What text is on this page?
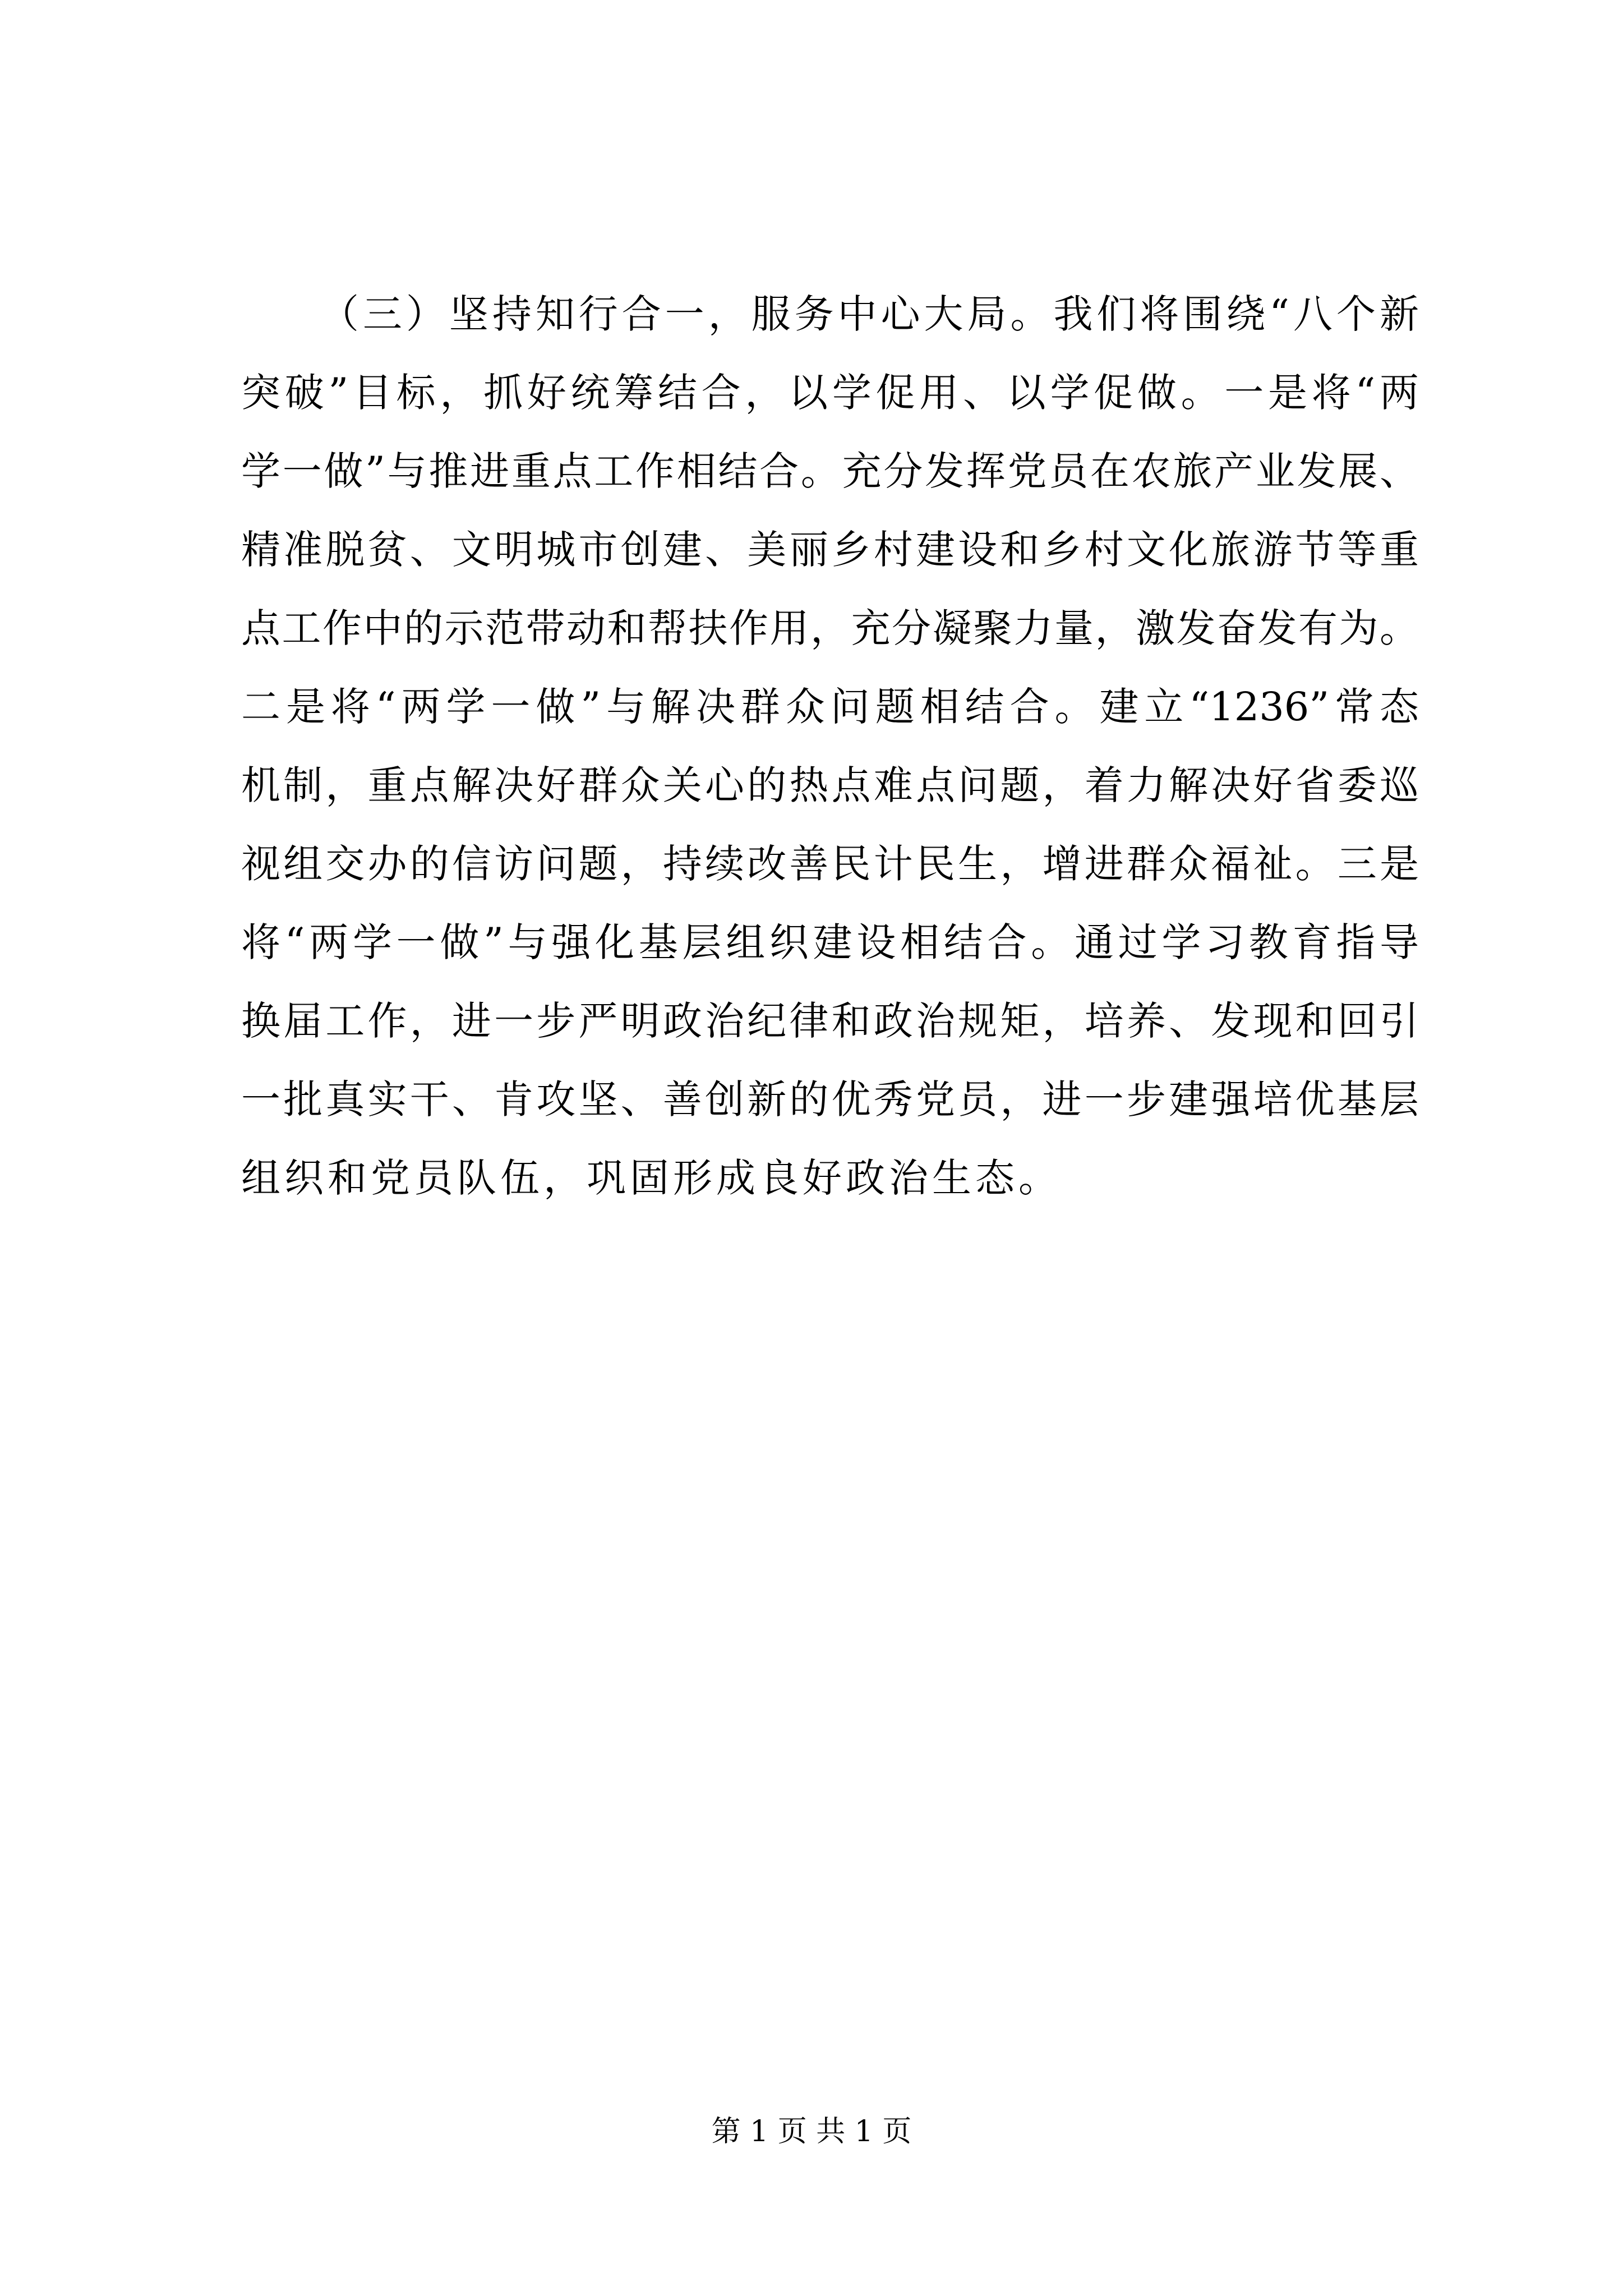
（三）坚持知行合一，服务中心大局。我们将围绕“八个新
突破”目标，抓好统筹结合，以学促用、以学促做。一是将“两
学一做”与推进重点工作相结合。充分发挥党员在农旅产业发展、
精准脱贫、文明城市创建、美丽乡村建设和乡村文化旅游节等重
点工作中的示范带动和帮扶作用，充分凝聚力量，激发奋发有为。
二是将“两学一做”与解决群众问题相结合。建立“1236”常态
机制，重点解决好群众关心的热点难点问题，着力解决好省委巡
视组交办的信访问题，持续改善民计民生，增进群众福祉。三是
将“两学一做”与强化基层组织建设相结合。通过学习教育指导
换届工作，进一步严明政治纪律和政治规矩，培养、发现和回引
一批真实干、肯攻坚、善创新的优秀党员，进一步建强培优基层
组织和党员队伍，巩固形成良好政治生态。
第 1 页 共 1 页
